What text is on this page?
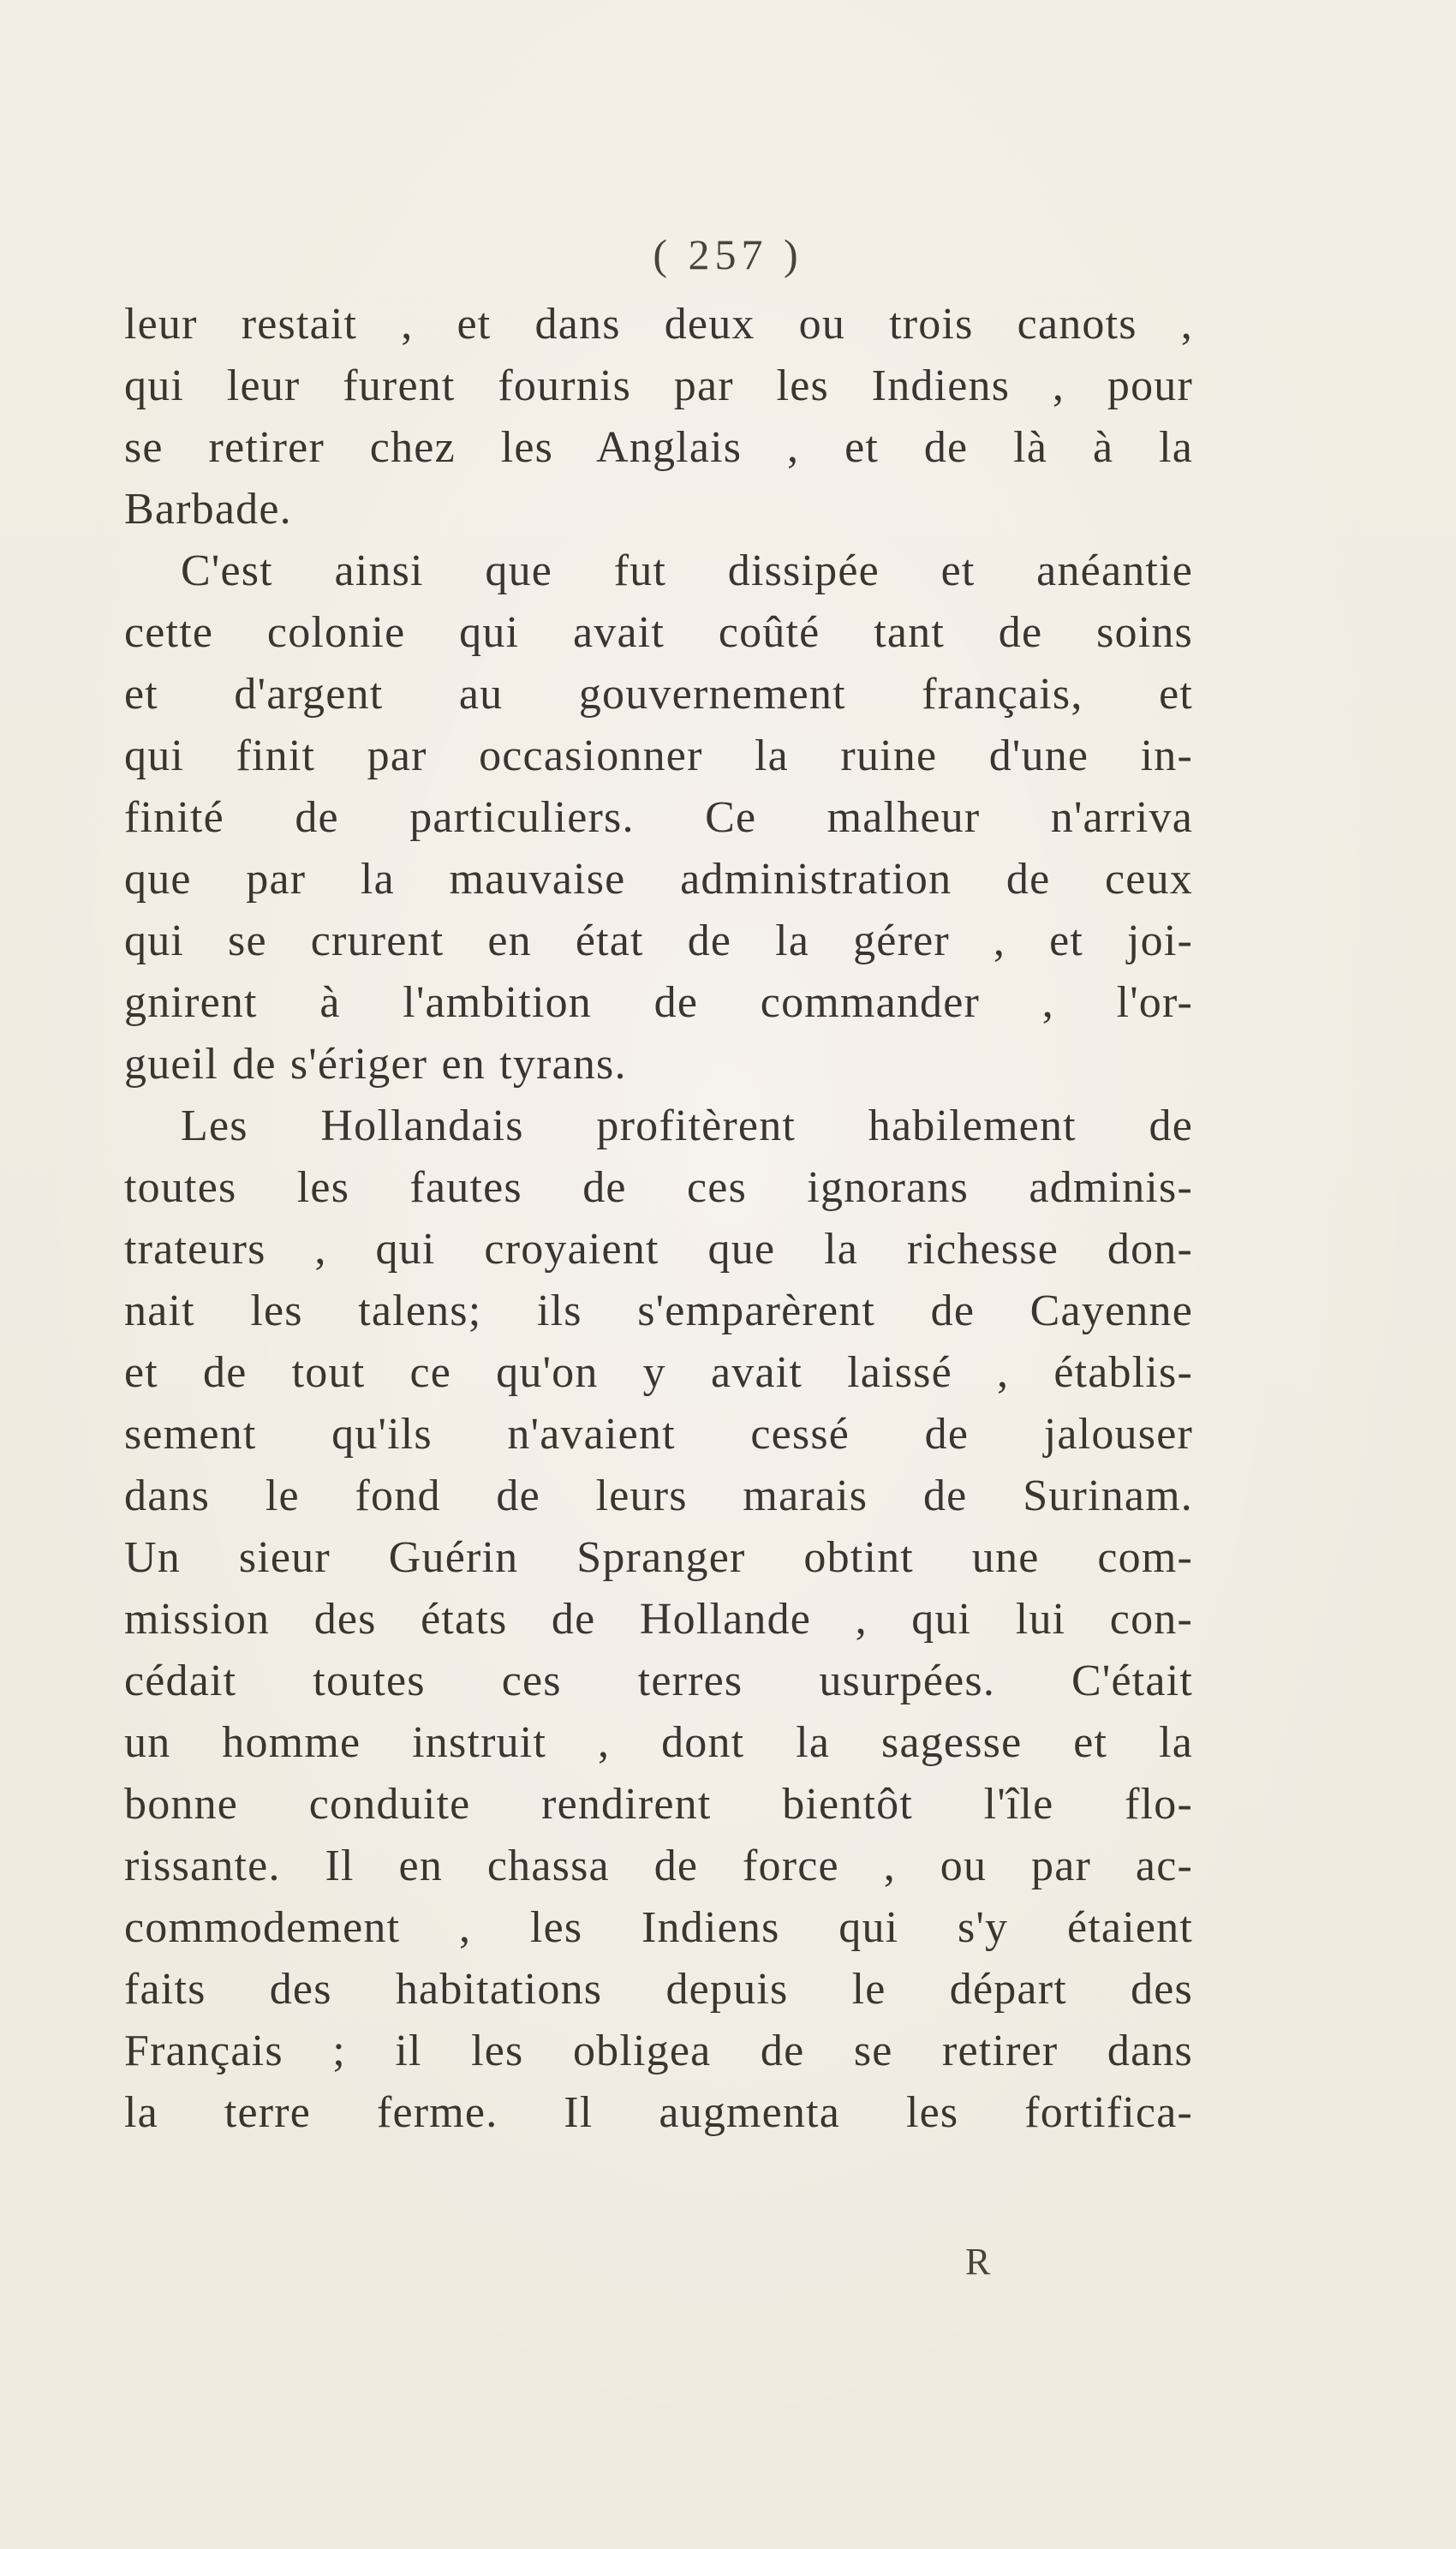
( 257 )
leur restait , et dans deux ou trois canots ,
qui leur furent fournis par les Indiens , pour
se retirer chez les Anglais , et de là à la
Barbade.
C'est ainsi que fut dissipée et anéantie
cette colonie qui avait coûté tant de soins
et d'argent au gouvernement français, et
qui finit par occasionner la ruine d'une in-
finité de particuliers. Ce malheur n'arriva
que par la mauvaise administration de ceux
qui se crurent en état de la gérer , et joi-
gnirent à l'ambition de commander , l'or-
gueil de s'ériger en tyrans.
Les Hollandais profitèrent habilement de
toutes les fautes de ces ignorans adminis-
trateurs , qui croyaient que la richesse don-
nait les talens; ils s'emparèrent de Cayenne
et de tout ce qu'on y avait laissé , établis-
sement qu'ils n'avaient cessé de jalouser
dans le fond de leurs marais de Surinam.
Un sieur Guérin Spranger obtint une com-
mission des états de Hollande , qui lui con-
cédait toutes ces terres usurpées. C'était
un homme instruit , dont la sagesse et la
bonne conduite rendirent bientôt l'île flo-
rissante. Il en chassa de force , ou par ac-
commodement , les Indiens qui s'y étaient
faits des habitations depuis le départ des
Français ; il les obligea de se retirer dans
la terre ferme. Il augmenta les fortifica-
R
